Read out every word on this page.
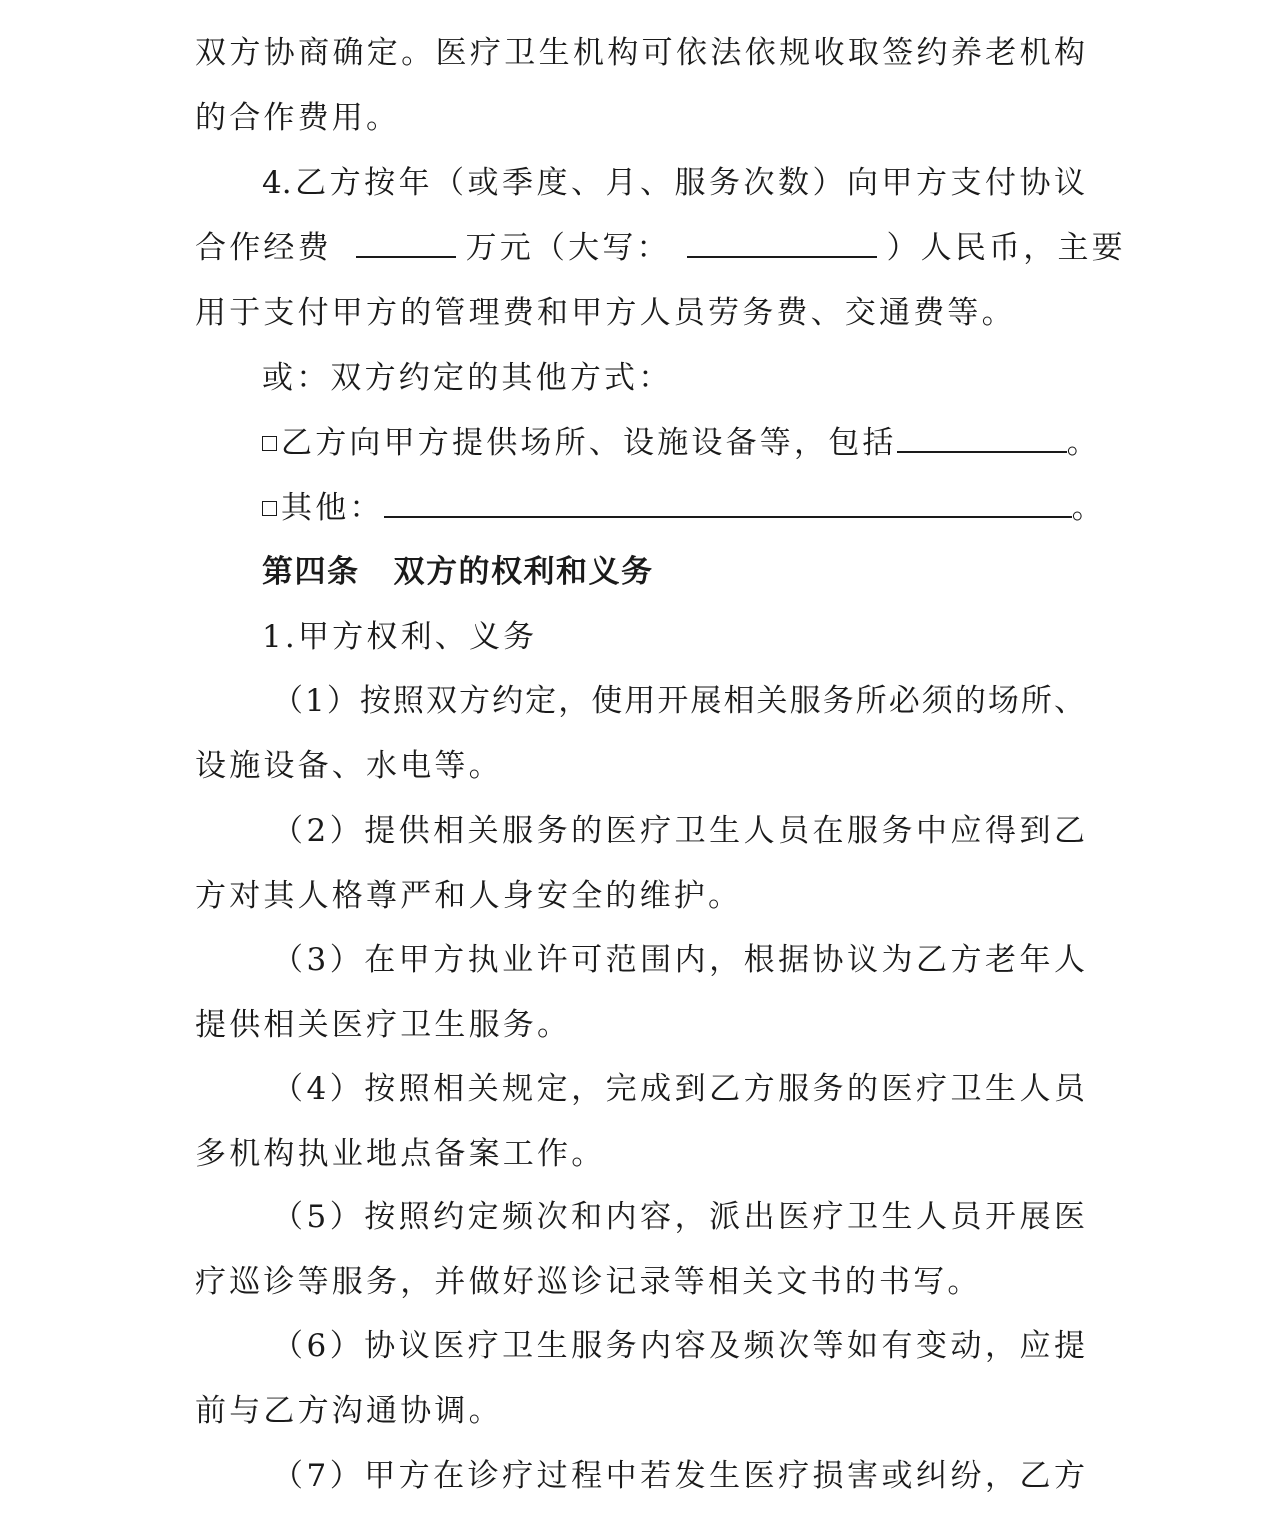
双方协商确定。医疗卫生机构可依法依规收取签约养老机构
的合作费用。
4.乙方按年（或季度、月、服务次数）向甲方支付协议
合作经费	万元（大写：	）人民币，主要
用于支付甲方的管理费和甲方人员劳务费、交通费等。
或：双方约定的其他方式：
乙方向甲方提供场所、设施设备等，包括	。
其他：	。
第四条 双方的权利和义务
1.甲方权利、义务
（1）按照双方约定，使用开展相关服务所必须的场所、
设施设备、水电等。
（2）提供相关服务的医疗卫生人员在服务中应得到乙
方对其人格尊严和人身安全的维护。
（3）在甲方执业许可范围内，根据协议为乙方老年人
提供相关医疗卫生服务。
（4）按照相关规定，完成到乙方服务的医疗卫生人员
多机构执业地点备案工作。
（5）按照约定频次和内容，派出医疗卫生人员开展医
疗巡诊等服务，并做好巡诊记录等相关文书的书写。
（6）协议医疗卫生服务内容及频次等如有变动，应提
前与乙方沟通协调。
（7）甲方在诊疗过程中若发生医疗损害或纠纷，乙方
